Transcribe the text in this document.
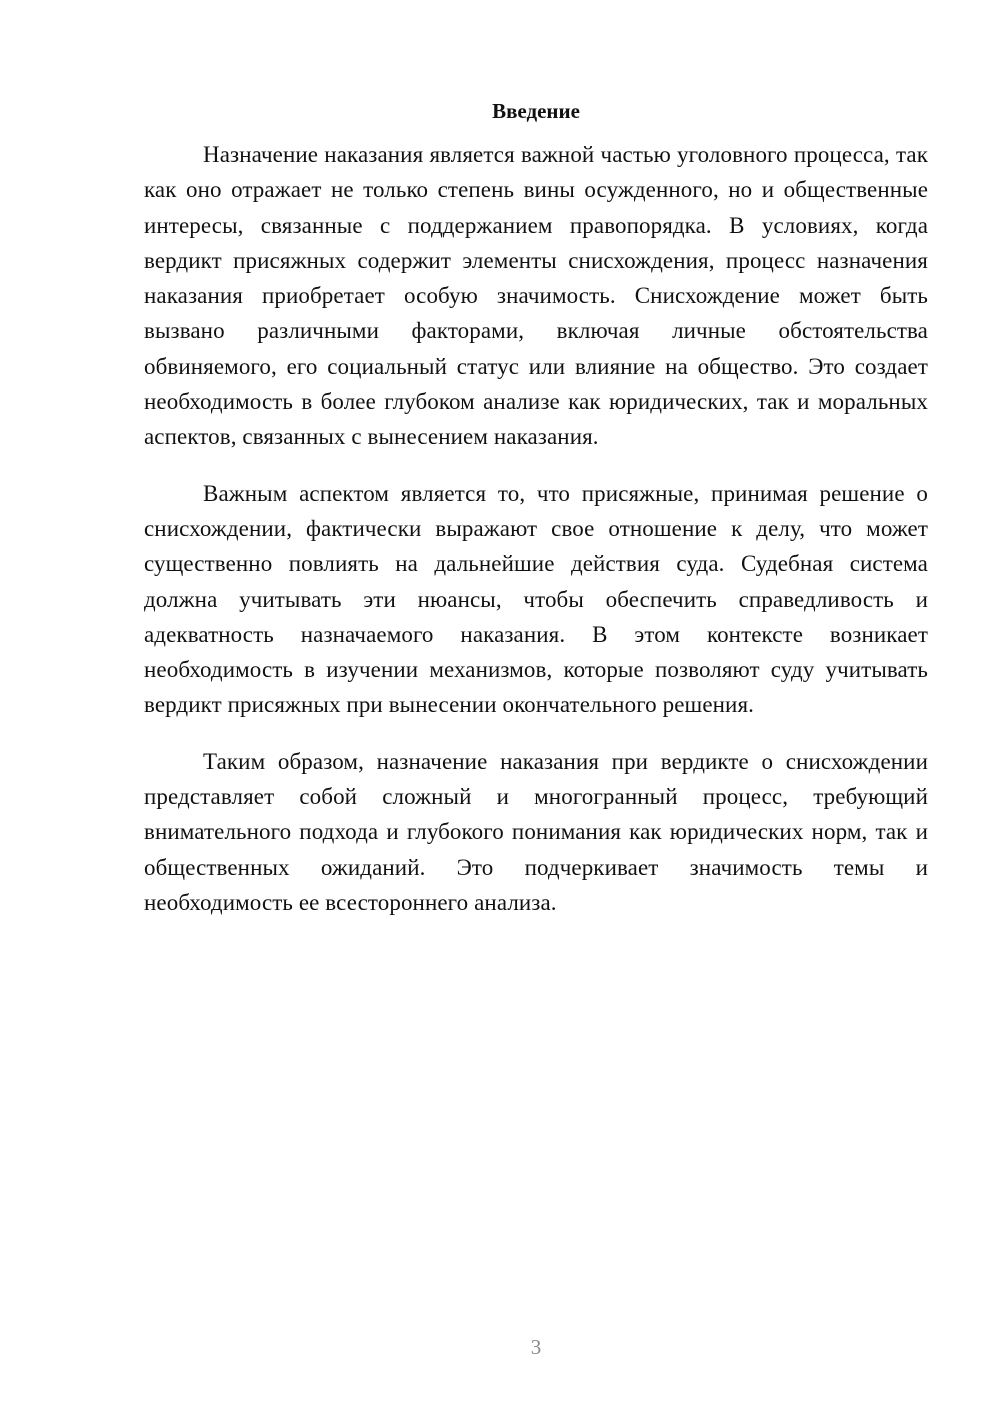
Введение

Назначение наказания является важной частью уголовного процесса, так как оно отражает не только степень вины осужденного, но и общественные интересы, связанные с поддержанием правопорядка. В условиях, когда вердикт присяжных содержит элементы снисхождения, процесс назначения наказания приобретает особую значимость. Снисхождение может быть вызвано различными факторами, включая личные обстоятельства обвиняемого, его социальный статус или влияние на общество. Это создает необходимость в более глубоком анализе как юридических, так и моральных аспектов, связанных с вынесением наказания.

Важным аспектом является то, что присяжные, принимая решение о снисхождении, фактически выражают свое отношение к делу, что может существенно повлиять на дальнейшие действия суда. Судебная система должна учитывать эти нюансы, чтобы обеспечить справедливость и адекватность назначаемого наказания. В этом контексте возникает необходимость в изучении механизмов, которые позволяют суду учитывать вердикт присяжных при вынесении окончательного решения.

Таким образом, назначение наказания при вердикте о снисхождении представляет собой сложный и многогранный процесс, требующий внимательного подхода и глубокого понимания как юридических норм, так и общественных ожиданий. Это подчеркивает значимость темы и необходимость ее всестороннего анализа.

3
